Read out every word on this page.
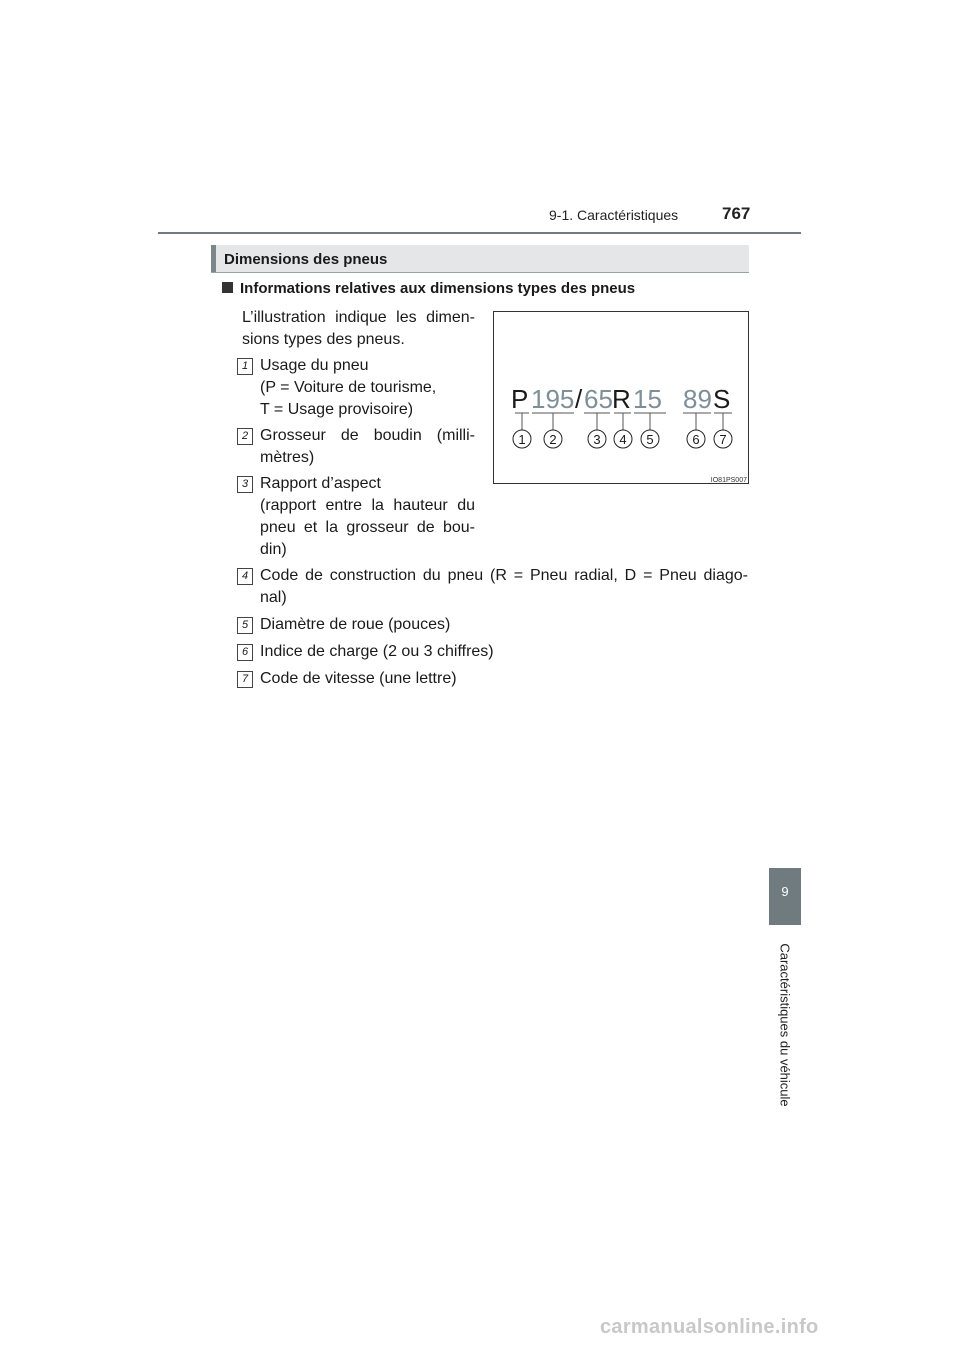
9-1. Caractéristiques	767
Dimensions des pneus
Informations relatives aux dimensions types des pneus
L’illustration indique les dimen-
sions types des pneus.
1 Usage du pneu
(P = Voiture de tourisme,
T = Usage provisoire)
2 Grosseur de boudin (milli-
mètres)
3 Rapport d’aspect
(rapport entre la hauteur du
pneu et la grosseur de bou-
din)
4 Code de construction du pneu (R = Pneu radial, D = Pneu diago-
nal)
5 Diamètre de roue (pouces)
6 Indice de charge (2 ou 3 chiffres)
7 Code de vitesse (une lettre)
P 195 / 65 R 15 89 S
1 2	3 4 5	6 7
IO81PS007
9
Caractéristiques du véhicule
carmanualsonline.info
